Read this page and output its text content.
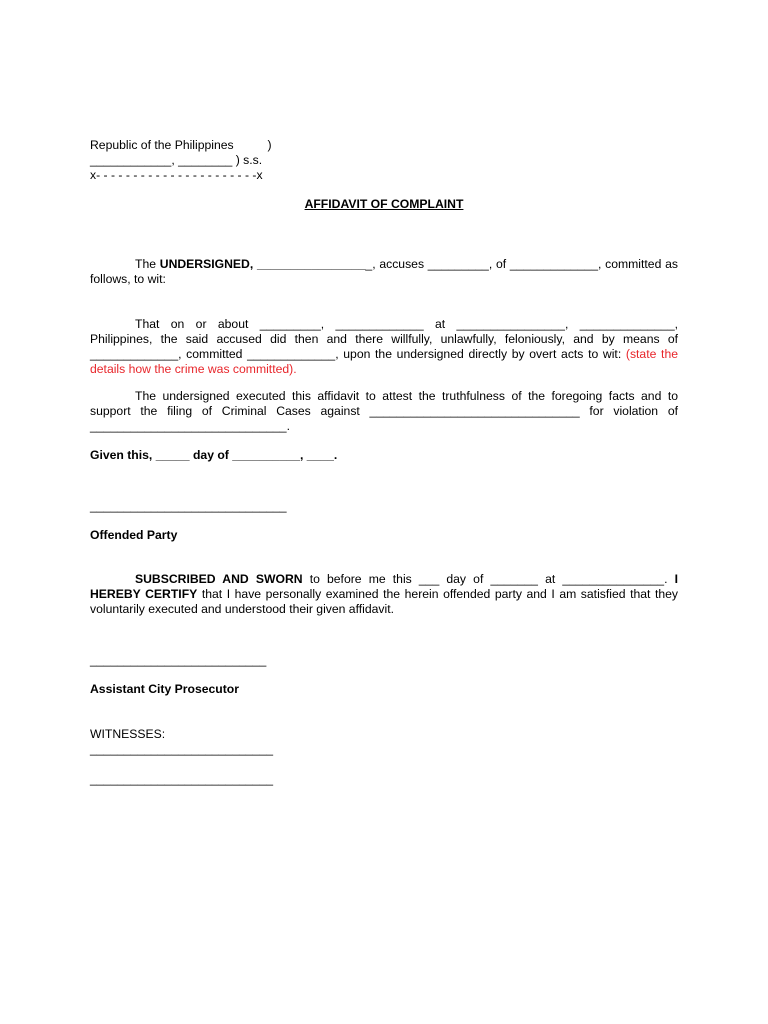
Republic of the Philippines          )
____________, ________ ) s.s.
x- - - - - - - - - - - - - - - - - - - - - -x
AFFIDAVIT OF COMPLAINT
The UNDERSIGNED, _________________, accuses _________, of _____________, committed as follows, to wit:
That on or about _________, _____________ at ________________, ______________, Philippines, the said accused did then and there willfully, unlawfully, feloniously, and by means of _____________, committed _____________, upon the undersigned directly by overt acts to wit: (state the details how the crime was committed).
The undersigned executed this affidavit to attest the truthfulness of the foregoing facts and to support the filing of Criminal Cases against _______________________________ for violation of _____________________________.
Given this, _____ day of __________, ____.
_____________________________
Offended Party
SUBSCRIBED AND SWORN to before me this ___ day of _______ at _______________. I HEREBY CERTIFY that I have personally examined the herein offended party and I am satisfied that they voluntarily executed and understood their given affidavit.
__________________________
Assistant City Prosecutor
WITNESSES:
___________________________
___________________________
